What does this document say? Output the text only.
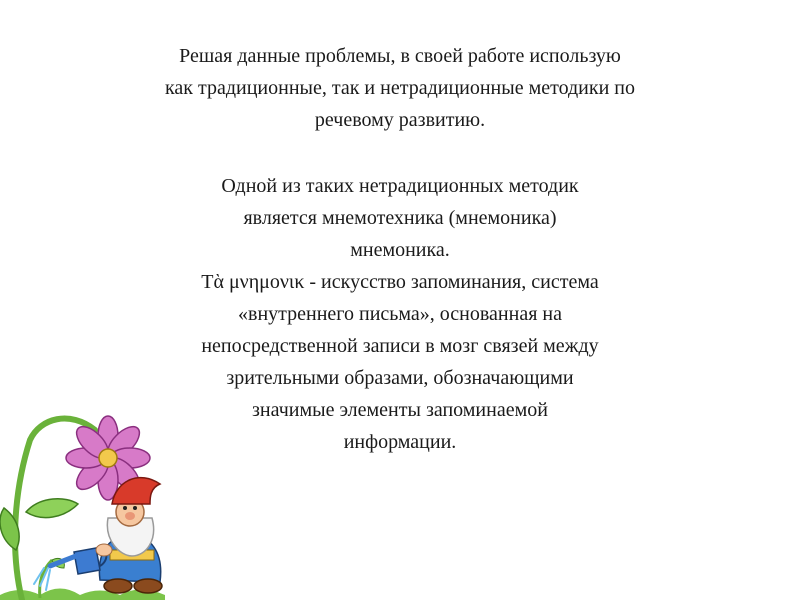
Решая данные проблемы, в своей работе использую
как традиционные, так и нетрадиционные методики по
речевому развитию.
Одной из таких нетрадиционных методик
является мнемотехника (мнемоника)
мнемоника.
Τὰ μνημονικ - искусство запоминания, система
«внутреннего письма», основанная на
непосредственной записи в мозг связей между
зрительными образами, обозначающими
значимые элементы запоминаемой
информации.
